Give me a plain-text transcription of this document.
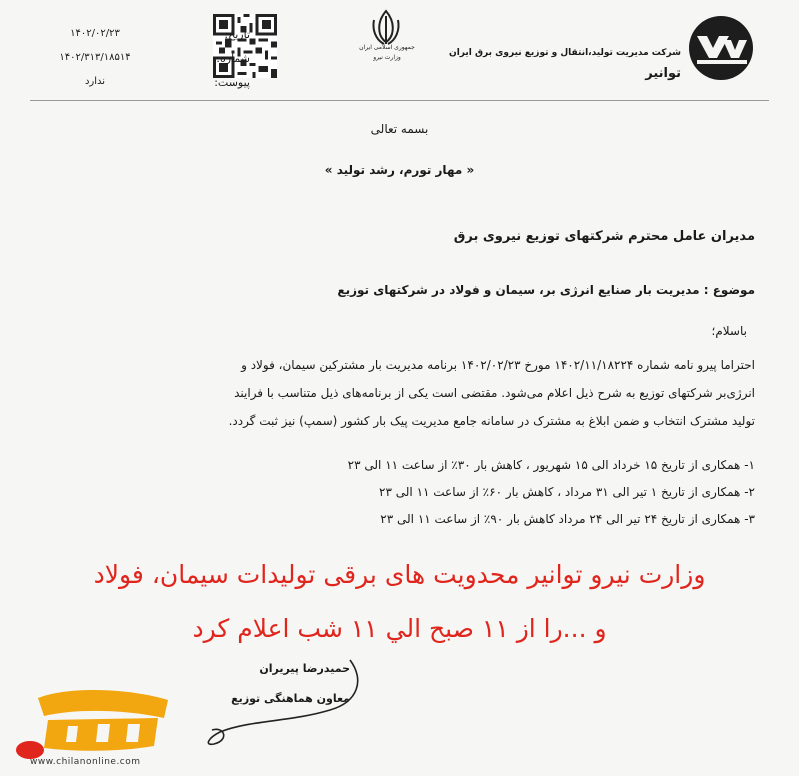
شرکت مدیریت تولید،انتقال و توزیع نیروی برق ایران
توانیر
جمهوری اسلامی ایران
وزارت نیرو
تاریخ:
۱۴۰۲/۰۲/۲۳
شماره:
۱۴۰۲/۳۱۳/۱۸۵۱۴
پیوست:
ندارد
بسمه تعالی
« مهار تورم، رشد تولید »
مدیران عامل محترم شرکتهای توزیع نیروی برق
موضوع : مدیریت بار صنایع انرژی بر، سیمان و فولاد در شرکتهای توزیع
باسلام؛
احتراما پیرو نامه شماره ۱۴۰۲/۱۱/۱۸۲۲۴ مورخ ۱۴۰۲/۰۲/۲۳ برنامه مدیریت بار مشترکین سیمان، فولاد و
انرژی‌بر شرکتهای توزیع به شرح ذیل اعلام می‌شود. مقتضی است یکی از برنامه‌های ذیل متناسب با فرایند
تولید مشترک انتخاب و ضمن ابلاغ به مشترک در سامانه جامع مدیریت پیک بار کشور (سمپ) نیز ثبت گردد.
۱- همکاری از تاریخ ۱۵ خرداد الی ۱۵ شهریور ، کاهش بار ۳۰٪ از ساعت ۱۱ الی ۲۳
۲- همکاری از تاریخ ۱ تیر الی ۳۱ مرداد ، کاهش بار ۶۰٪ از ساعت ۱۱ الی ۲۳
۳- همکاری از تاریخ ۲۴ تیر الی ۲۴ مرداد کاهش بار ۹۰٪ از ساعت ۱۱ الی ۲۳
وزارت نیرو توانیر محدویت های برقی تولیدات سیمان، فولاد
و ...را از ۱۱ صبح الي ۱۱ شب اعلام کرد
حمیدرضا پیریران
معاون هماهنگی توزیع
www.chilanonline.com
